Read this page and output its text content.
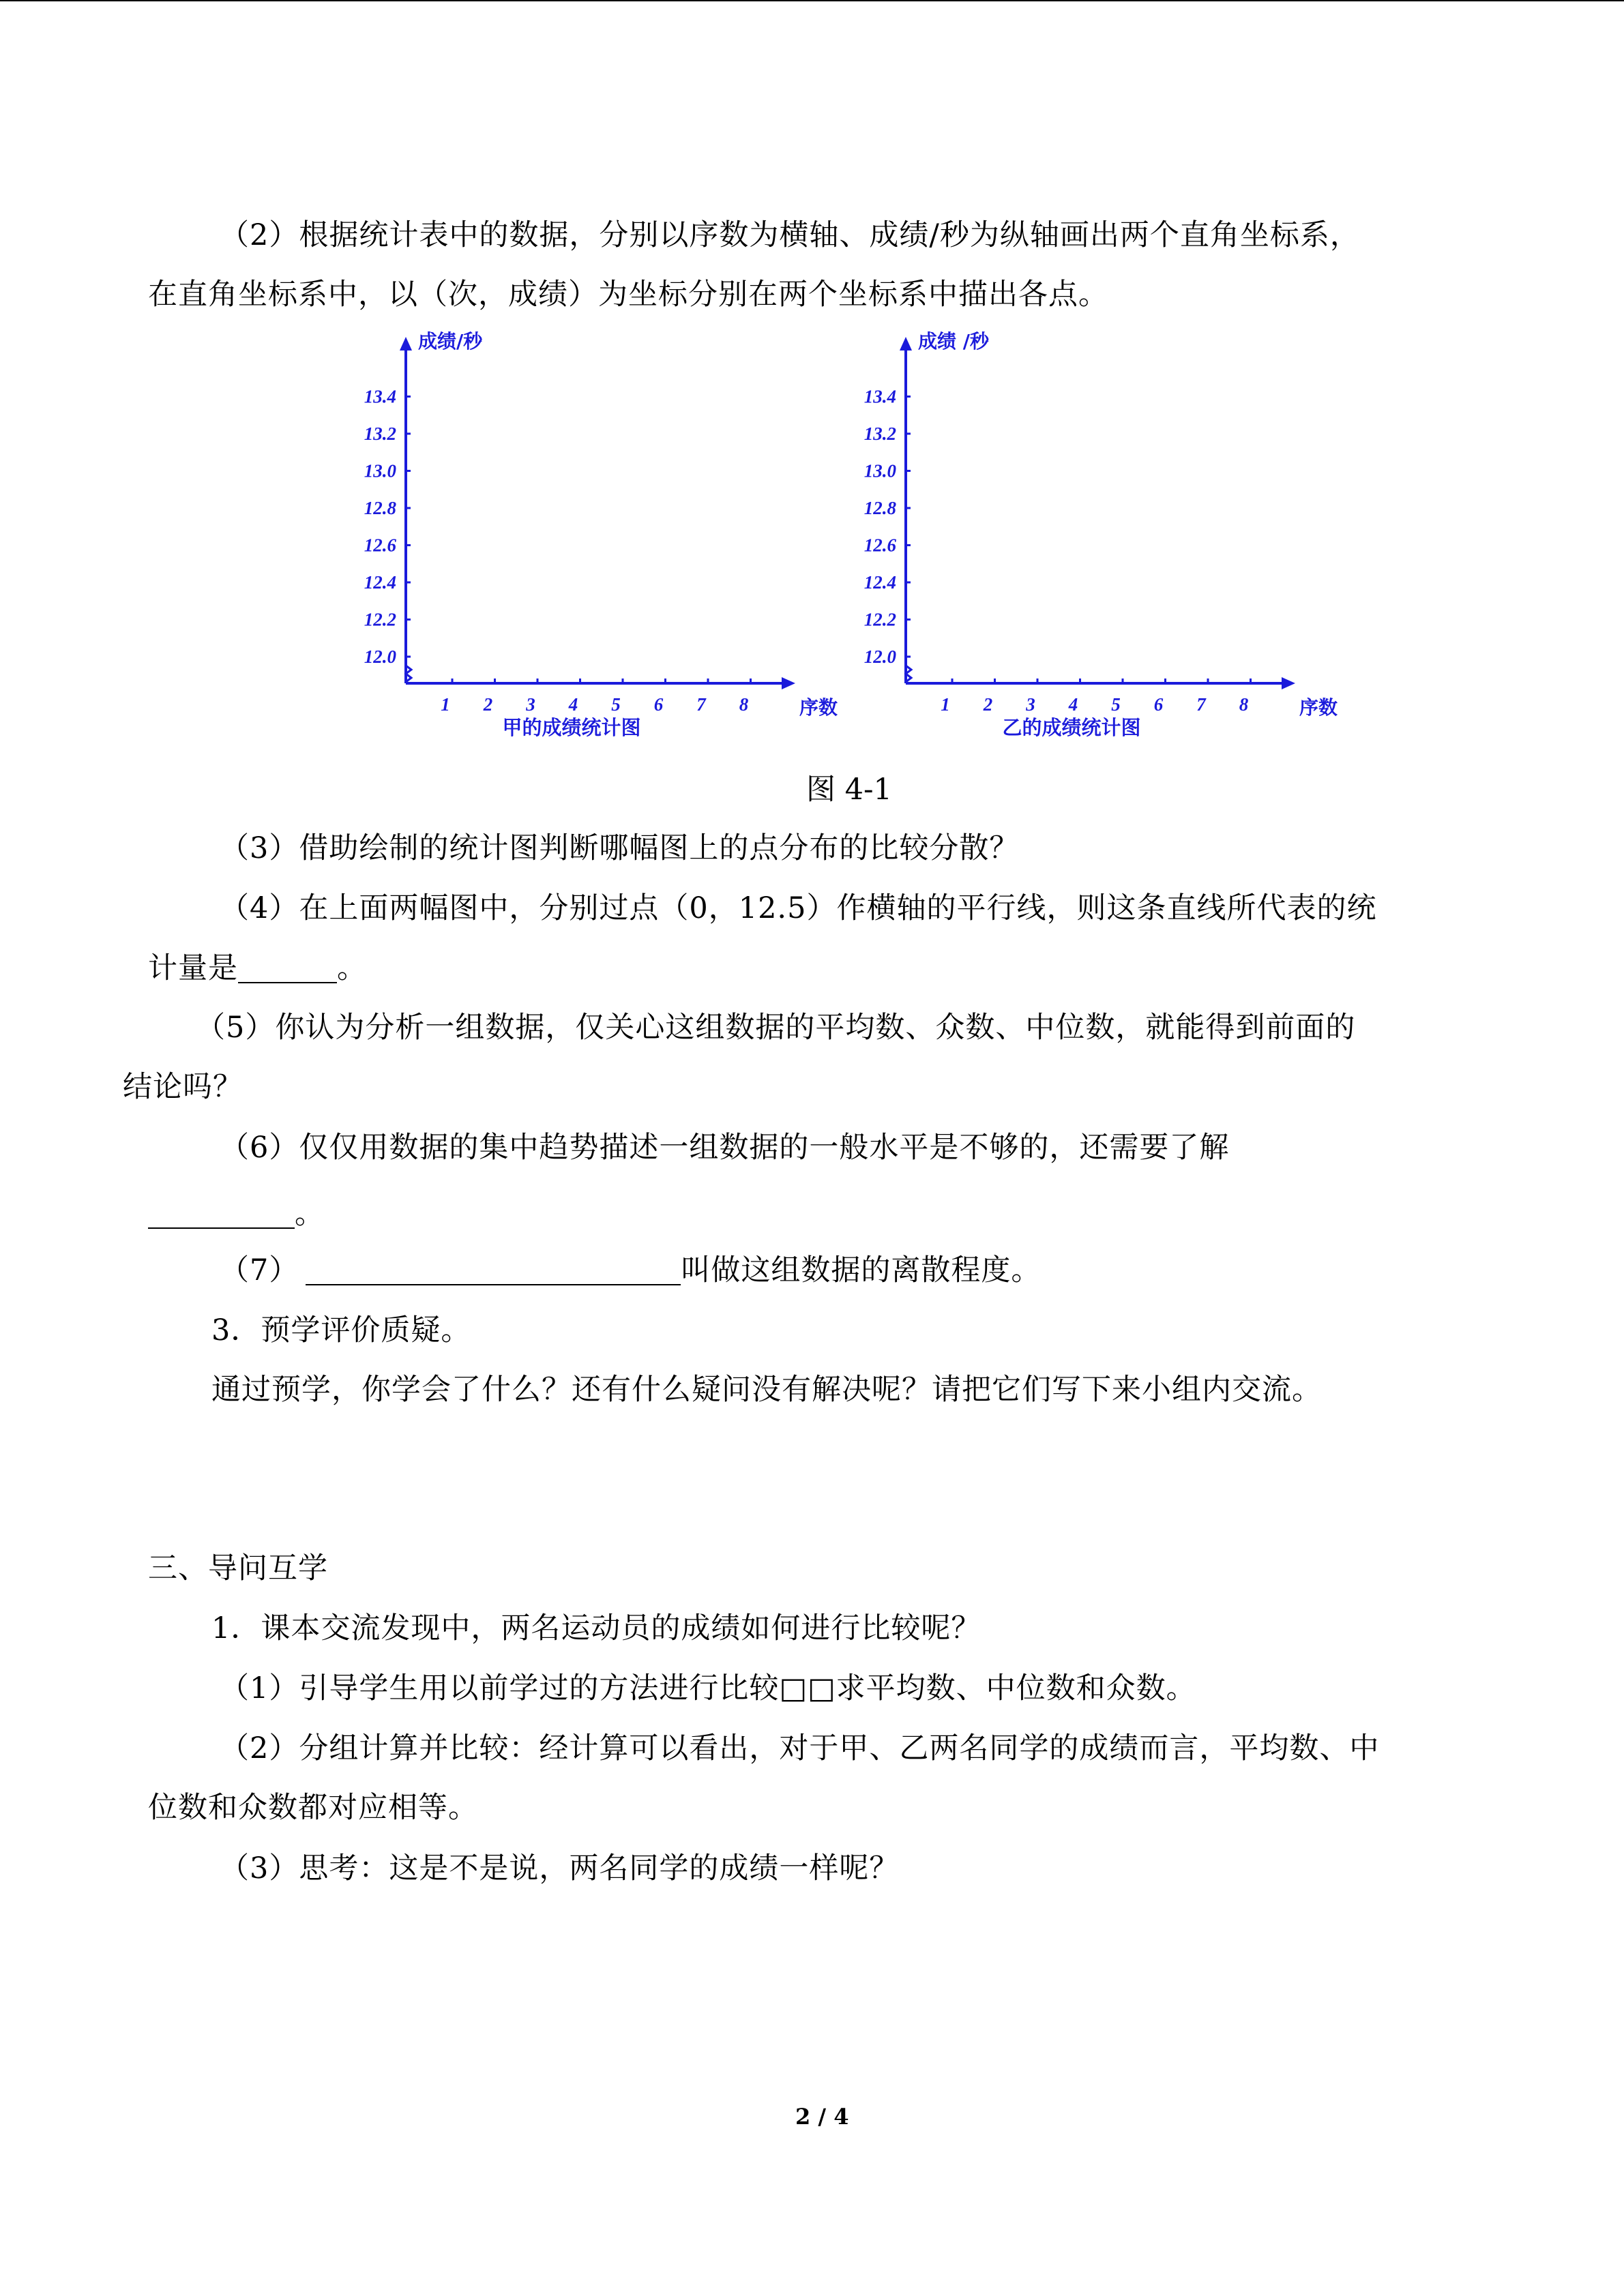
（2）根据统计表中的数据，分别以序数为横轴、成绩/秒为纵轴画出两个直角坐标系，
在直角坐标系中，以（次，成绩）为坐标分别在两个坐标系中描出各点。
12.0
12.2
12.4
12.6
12.8
13.0
13.2
13.4
1 2 3 4 5 6 7 8
成绩/秒
序数
甲的成绩统计图
12.0
12.2
12.4
12.6
12.8
13.0
13.2
13.4
1 2 3 4 5 6 7 8
成绩 /秒
序数
乙的成绩统计图
图 4-1
（3）借助绘制的统计图判断哪幅图上的点分布的比较分散？
（4）在上面两幅图中，分别过点（0，12.5）作横轴的平行线，则这条直线所代表的统
计量是	。
（5）你认为分析一组数据，仅关心这组数据的平均数、众数、中位数，就能得到前面的
结论吗？
（6）仅仅用数据的集中趋势描述一组数据的一般水平是不够的，还需要了解
。
（7）	叫做这组数据的离散程度。
3．预学评价质疑。
通过预学，你学会了什么？还有什么疑问没有解决呢？请把它们写下来小组内交流。
三、导问互学
1．课本交流发现中，两名运动员的成绩如何进行比较呢？
（1）引导学生用以前学过的方法进行比较□□求平均数、中位数和众数。
（2）分组计算并比较：经计算可以看出，对于甲、乙两名同学的成绩而言，平均数、中
位数和众数都对应相等。
（3）思考：这是不是说，两名同学的成绩一样呢？
2 / 4
